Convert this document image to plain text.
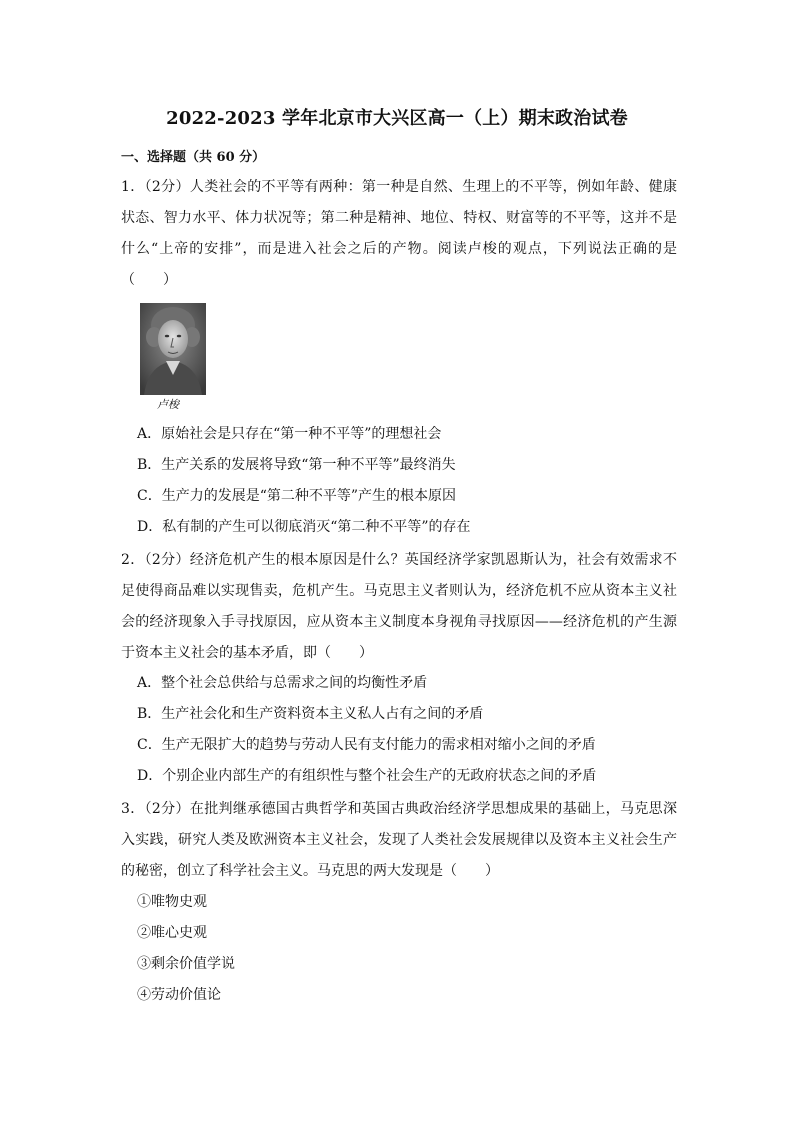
2022-2023 学年北京市大兴区高一（上）期末政治试卷
一、选择题（共 60 分）
1．（2分）人类社会的不平等有两种：第一种是自然、生理上的不平等，例如年龄、健康状态、智力水平、体力状况等；第二种是精神、地位、特权、财富等的不平等，这并不是什么“上帝的安排”，而是进入社会之后的产物。阅读卢梭的观点，下列说法正确的是（　　）
卢梭
A．原始社会是只存在“第一种不平等”的理想社会
B．生产关系的发展将导致“第一种不平等”最终消失
C．生产力的发展是“第二种不平等”产生的根本原因
D．私有制的产生可以彻底消灭“第二种不平等”的存在
2．（2分）经济危机产生的根本原因是什么？英国经济学家凯恩斯认为，社会有效需求不足使得商品难以实现售卖，危机产生。马克思主义者则认为，经济危机不应从资本主义社会的经济现象入手寻找原因，应从资本主义制度本身视角寻找原因——经济危机的产生源于资本主义社会的基本矛盾，即（　　）
A．整个社会总供给与总需求之间的均衡性矛盾
B．生产社会化和生产资料资本主义私人占有之间的矛盾
C．生产无限扩大的趋势与劳动人民有支付能力的需求相对缩小之间的矛盾
D．个别企业内部生产的有组织性与整个社会生产的无政府状态之间的矛盾
3．（2分）在批判继承德国古典哲学和英国古典政治经济学思想成果的基础上，马克思深入实践，研究人类及欧洲资本主义社会，发现了人类社会发展规律以及资本主义社会生产的秘密，创立了科学社会主义。马克思的两大发现是（　　）
①唯物史观
②唯心史观
③剩余价值学说
④劳动价值论
